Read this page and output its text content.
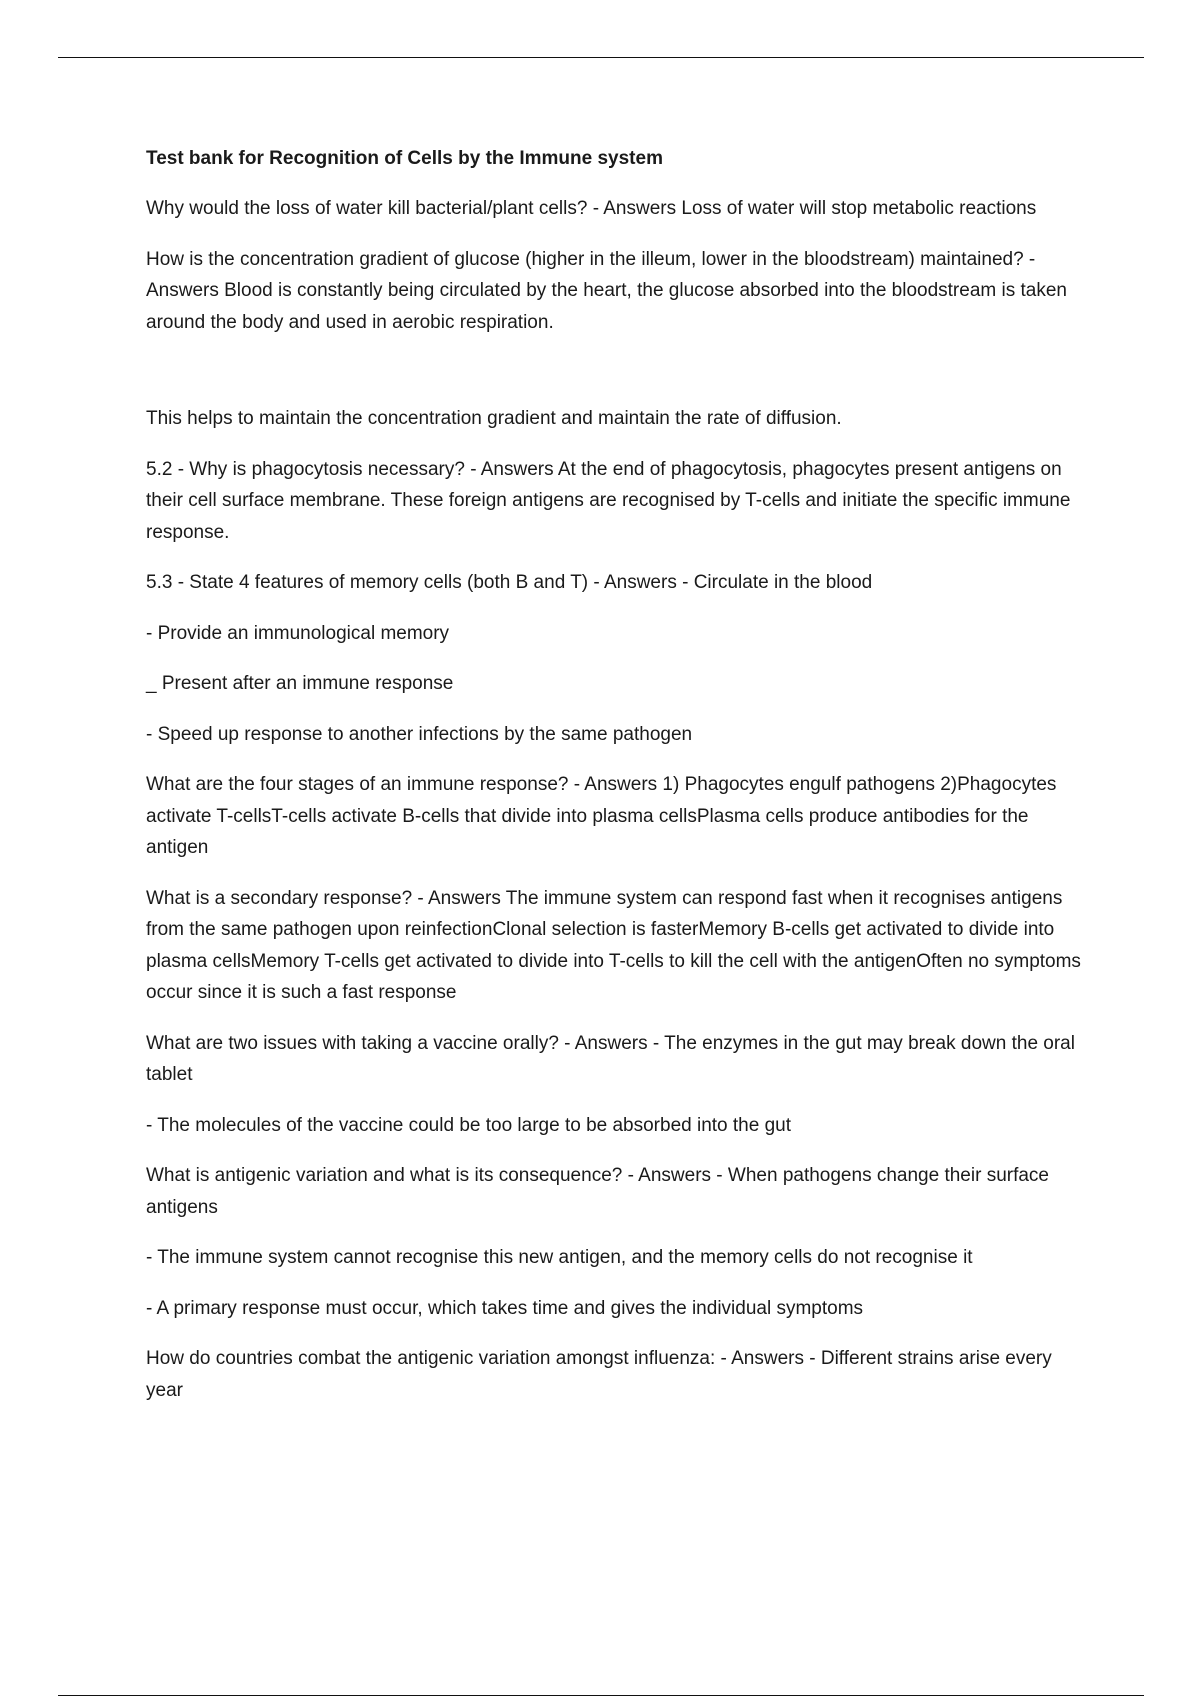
Test bank for Recognition of Cells by the Immune system

Why would the loss of water kill bacterial/plant cells? - Answers Loss of water will stop metabolic reactions

How is the concentration gradient of glucose (higher in the illeum, lower in the bloodstream) maintained? - Answers Blood is constantly being circulated by the heart, the glucose absorbed into the bloodstream is taken around the body and used in aerobic respiration.

This helps to maintain the concentration gradient and maintain the rate of diffusion.

5.2 - Why is phagocytosis necessary? - Answers At the end of phagocytosis, phagocytes present antigens on their cell surface membrane. These foreign antigens are recognised by T-cells and initiate the specific immune response.

5.3 - State 4 features of memory cells (both B and T) - Answers - Circulate in the blood

- Provide an immunological memory

_ Present after an immune response

- Speed up response to another infections by the same pathogen

What are the four stages of an immune response? - Answers 1) Phagocytes engulf pathogens 2)Phagocytes activate T-cellsT-cells activate B-cells that divide into plasma cellsPlasma cells produce antibodies for the antigen

What is a secondary response? - Answers The immune system can respond fast when it recognises antigens from the same pathogen upon reinfectionClonal selection is fasterMemory B-cells get activated to divide into plasma cellsMemory T-cells get activated to divide into T-cells to kill the cell with the antigenOften no symptoms occur since it is such a fast response

What are two issues with taking a vaccine orally? - Answers - The enzymes in the gut may break down the oral tablet

- The molecules of the vaccine could be too large to be absorbed into the gut

What is antigenic variation and what is its consequence? - Answers - When pathogens change their surface antigens

- The immune system cannot recognise this new antigen, and the memory cells do not recognise it

- A primary response must occur, which takes time and gives the individual symptoms

How do countries combat the antigenic variation amongst influenza: - Answers - Different strains arise every year
